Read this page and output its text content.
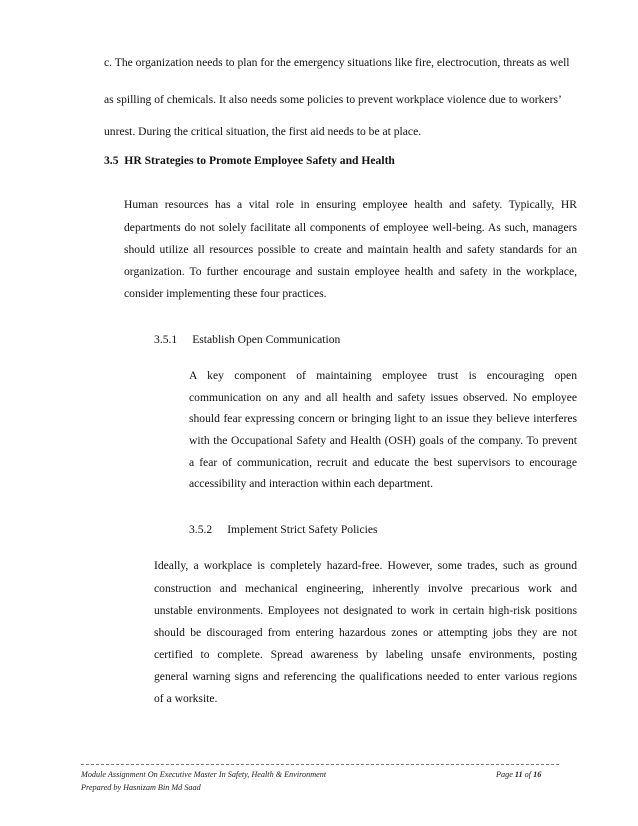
c. The organization needs to plan for the emergency situations like fire, electrocution, threats as well
as spilling of chemicals. It also needs some policies to prevent workplace violence due to workers’
unrest. During the critical situation, the first aid needs to be at place.
3.5 HR Strategies to Promote Employee Safety and Health
Human resources has a vital role in ensuring employee health and safety. Typically, HR
departments do not solely facilitate all components of employee well-being. As such, managers
should utilize all resources possible to create and maintain health and safety standards for an
organization. To further encourage and sustain employee health and safety in the workplace,
consider implementing these four practices.
3.5.1 Establish Open Communication
A key component of maintaining employee trust is encouraging open
communication on any and all health and safety issues observed. No employee
should fear expressing concern or bringing light to an issue they believe interferes
with the Occupational Safety and Health (OSH) goals of the company. To prevent
a fear of communication, recruit and educate the best supervisors to encourage
accessibility and interaction within each department.
3.5.2 Implement Strict Safety Policies
Ideally, a workplace is completely hazard-free. However, some trades, such as ground
construction and mechanical engineering, inherently involve precarious work and
unstable environments. Employees not designated to work in certain high-risk positions
should be discouraged from entering hazardous zones or attempting jobs they are not
certified to complete. Spread awareness by labeling unsafe environments, posting
general warning signs and referencing the qualifications needed to enter various regions
of a worksite.
Module Assignment On Executive Master In Safety, Health & Environment	Page 11 of 16
Prepared by Hasnizam Bin Md Saad
